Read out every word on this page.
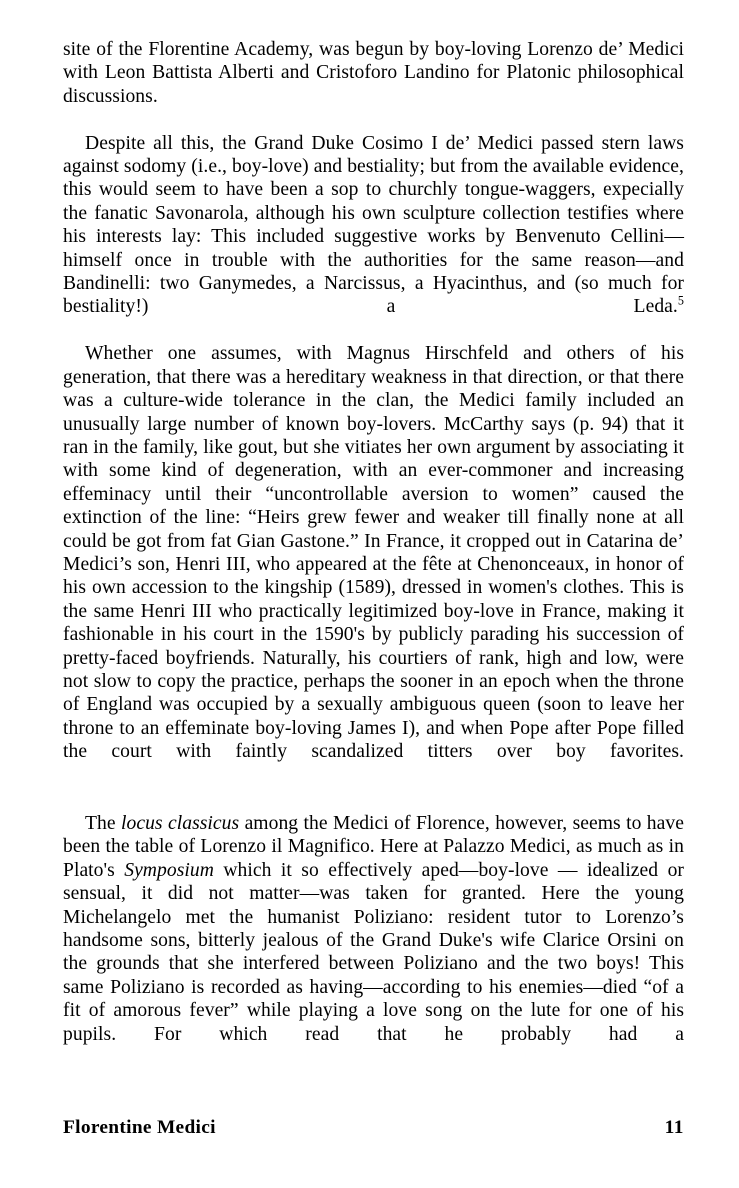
site of the Florentine Academy, was begun by boy-loving Lorenzo de’ Medici with Leon Battista Alberti and Cristoforo Landino for Platonic philosophical discussions.

Despite all this, the Grand Duke Cosimo I de’ Medici passed stern laws against sodomy (i.e., boy-love) and bestiality; but from the available evidence, this would seem to have been a sop to churchly tongue-waggers, expecially the fanatic Savonarola, although his own sculpture collection testifies where his interests lay: This included suggestive works by Benvenuto Cellini—himself once in trouble with the authorities for the same reason—and Bandinelli: two Ganymedes, a Narcissus, a Hyacinthus, and (so much for bestiality!) a Leda.$^5$

Whether one assumes, with Magnus Hirschfeld and others of his generation, that there was a hereditary weakness in that direction, or that there was a culture-wide tolerance in the clan, the Medici family included an unusually large number of known boy-lovers. McCarthy says (p. 94) that it ran in the family, like gout, but she vitiates her own argument by associating it with some kind of degeneration, with an ever-commoner and increasing effeminacy until their “uncontrollable aversion to women” caused the extinction of the line: “Heirs grew fewer and weaker till finally none at all could be got from fat Gian Gastone.” In France, it cropped out in Catarina de’ Medici’s son, Henri III, who appeared at the fête at Chenonceaux, in honor of his own accession to the kingship (1589), dressed in women's clothes. This is the same Henri III who practically legitimized boy-love in France, making it fashionable in his court in the 1590's by publicly parading his succession of pretty-faced boyfriends. Naturally, his courtiers of rank, high and low, were not slow to copy the practice, perhaps the sooner in an epoch when the throne of England was occupied by a sexually ambiguous queen (soon to leave her throne to an effeminate boy-loving James I), and when Pope after Pope filled the court with faintly scandalized titters over boy favorites.

The locus classicus among the Medici of Florence, however, seems to have been the table of Lorenzo il Magnifico. Here at Palazzo Medici, as much as in Plato's Symposium which it so effectively aped—boy-love — idealized or sensual, it did not matter—was taken for granted. Here the young Michelangelo met the humanist Poliziano: resident tutor to Lorenzo’s handsome sons, bitterly jealous of the Grand Duke's wife Clarice Orsini on the grounds that she interfered between Poliziano and the two boys! This same Poliziano is recorded as having—according to his enemies—died “of a fit of amorous fever” while playing a love song on the lute for one of his pupils. For which read that he probably had a

Florentine Medici	11
